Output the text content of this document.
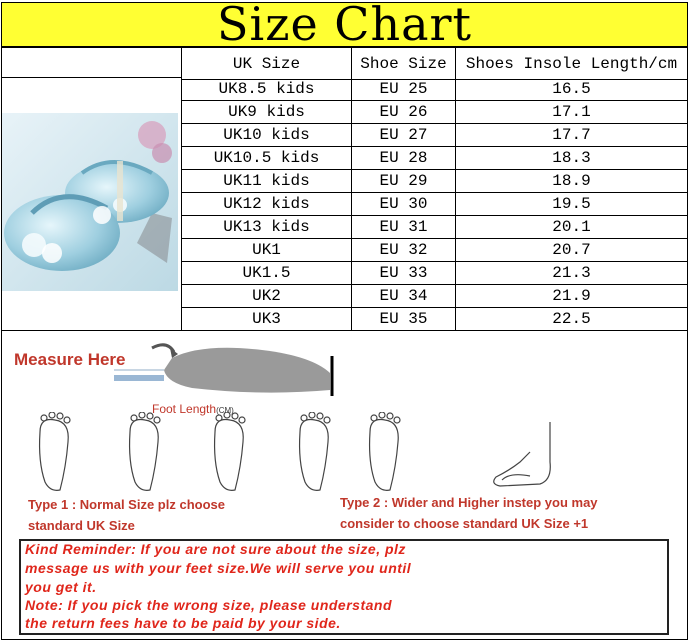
Size Chart
UK Size	Shoe Size	Shoes Insole Length/cm
UK8.5 kids	EU 25	16.5
UK9 kids	EU 26	17.1
UK10 kids	EU 27	17.7
UK10.5 kids	EU 28	18.3
UK11 kids	EU 29	18.9
UK12 kids	EU 30	19.5
UK13 kids	EU 31	20.1
UK1	EU 32	20.7
UK1.5	EU 33	21.3
UK2	EU 34	21.9
UK3	EU 35	22.5
Measure Here
Foot Length(CM)
Type 1 : Normal Size plz choose
standard UK Size
Type 2 : Wider and Higher instep you may
consider to choose standard UK Size +1
Kind Reminder: If you are not sure about the size, plz
message us with your feet size.We will serve you until
you get it.
Note: If you pick the wrong size, please understand
the return fees have to be paid by your side.
